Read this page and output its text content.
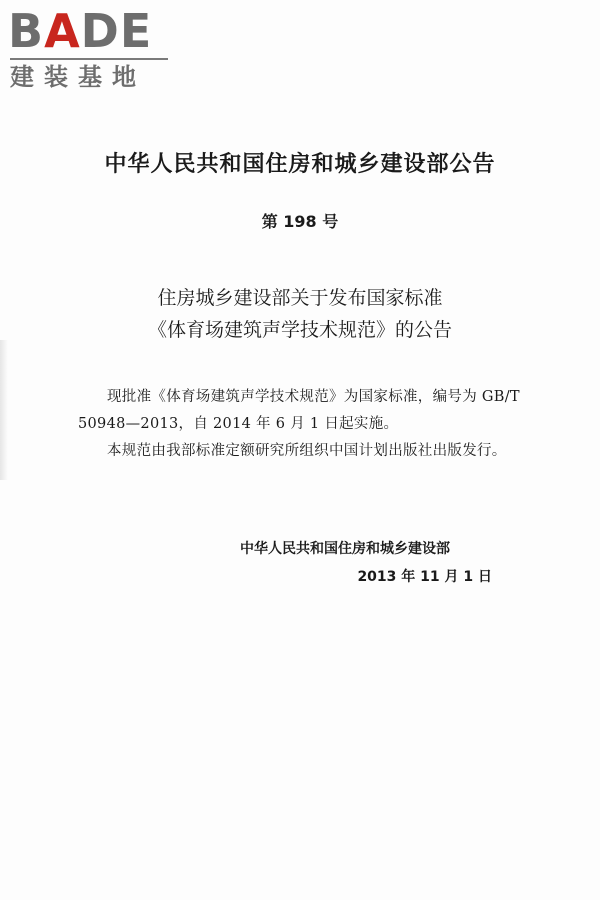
BADE
建装基地
中华人民共和国住房和城乡建设部公告
第 198 号
住房城乡建设部关于发布国家标准
《体育场建筑声学技术规范》的公告
现批准《体育场建筑声学技术规范》为国家标准，编号为 GB/T 50948—2013，自 2014 年 6 月 1 日起实施。
本规范由我部标准定额研究所组织中国计划出版社出版发行。
中华人民共和国住房和城乡建设部
2013 年 11 月 1 日
